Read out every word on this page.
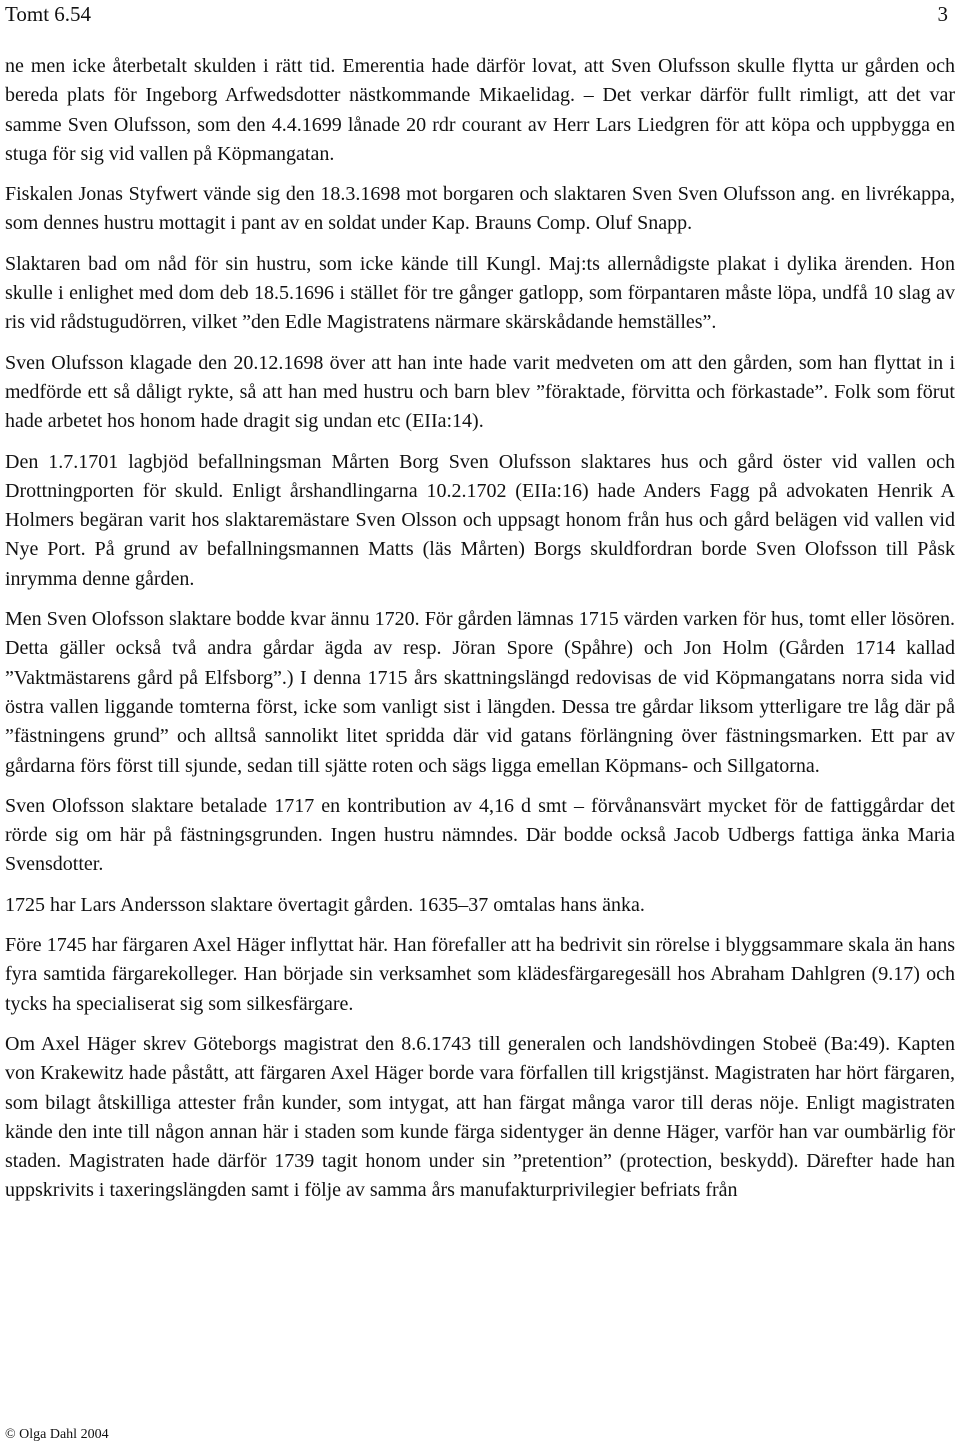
Tomt 6.54	3

ne men icke återbetalt skulden i rätt tid. Emerentia hade därför lovat, att Sven Olufsson skulle flytta ur gården och bereda plats för Ingeborg Arfwedsdotter nästkommande Mikaelidag. – Det verkar därför fullt rimligt, att det var samme Sven Olufsson, som den 4.4.1699 lånade 20 rdr courant av Herr Lars Liedgren för att köpa och uppbygga en stuga för sig vid vallen på Köpmangatan.

Fiskalen Jonas Styfwert vände sig den 18.3.1698 mot borgaren och slaktaren Sven Sven Olufsson ang. en livrékappa, som dennes hustru mottagit i pant av en soldat under Kap. Brauns Comp. Oluf Snapp.

Slaktaren bad om nåd för sin hustru, som icke kände till Kungl. Maj:ts allernådigste plakat i dylika ärenden. Hon skulle i enlighet med dom deb 18.5.1696 i stället för tre gånger gatlopp, som förpantaren måste löpa, undfå 10 slag av ris vid rådstugudörren, vilket ”den Edle Magistratens närmare skärskådande hemställes”.

Sven Olufsson klagade den 20.12.1698 över att han inte hade varit medveten om att den gården, som han flyttat in i medförde ett så dåligt rykte, så att han med hustru och barn blev ”föraktade, förvitta och förkastade”. Folk som förut hade arbetet hos honom hade dragit sig undan etc (EIIa:14).

Den 1.7.1701 lagbjöd befallningsman Mårten Borg Sven Olufsson slaktares hus och gård öster vid vallen och Drottningporten för skuld. Enligt årshandlingarna 10.2.1702 (EIIa:16) hade Anders Fagg på advokaten Henrik A Holmers begäran varit hos slaktaremästare Sven Olsson och uppsagt honom från hus och gård belägen vid vallen vid Nye Port. På grund av befallningsmannen Matts (läs Mårten) Borgs skuldfordran borde Sven Olofsson till Påsk inrymma denne gården.

Men Sven Olofsson slaktare bodde kvar ännu 1720. För gården lämnas 1715 värden varken för hus, tomt eller lösören. Detta gäller också två andra gårdar ägda av resp. Jöran Spore (Spåhre) och Jon Holm (Gården 1714 kallad ”Vaktmästarens gård på Elfsborg”.) I denna 1715 års skattningslängd redovisas de vid Köpmangatans norra sida vid östra vallen liggande tomterna först, icke som vanligt sist i längden. Dessa tre gårdar liksom ytterligare tre låg där på ”fästningens grund” och alltså sannolikt litet spridda där vid gatans förlängning över fästningsmarken. Ett par av gårdarna förs först till sjunde, sedan till sjätte roten och sägs ligga emellan Köpmans- och Sillgatorna.

Sven Olofsson slaktare betalade 1717 en kontribution av 4,16 d smt – förvånansvärt mycket för de fattiggårdar det rörde sig om här på fästningsgrunden. Ingen hustru nämndes. Där bodde också Jacob Udbergs fattiga änka Maria Svensdotter.

1725 har Lars Andersson slaktare övertagit gården. 1635–37 omtalas hans änka.

Före 1745 har färgaren Axel Häger inflyttat här. Han förefaller att ha bedrivit sin rörelse i blyggsammare skala än hans fyra samtida färgarekolleger. Han började sin verksamhet som klädesfärgaregesäll hos Abraham Dahlgren (9.17) och tycks ha specialiserat sig som silkesfärgare.

Om Axel Häger skrev Göteborgs magistrat den 8.6.1743 till generalen och landshövdingen Stobeë (Ba:49). Kapten von Krakewitz hade påstått, att färgaren Axel Häger borde vara förfallen till krigstjänst. Magistraten har hört färgaren, som bilagt åtskilliga attester från kunder, som intygat, att han färgat många varor till deras nöje. Enligt magistraten kände den inte till någon annan här i staden som kunde färga sidentyger än denne Häger, varför han var oumbärlig för staden. Magistraten hade därför 1739 tagit honom under sin ”pretention” (protection, beskydd). Därefter hade han uppskrivits i taxeringslängden samt i följe av samma års manufakturprivilegier befriats från

© Olga Dahl 2004
